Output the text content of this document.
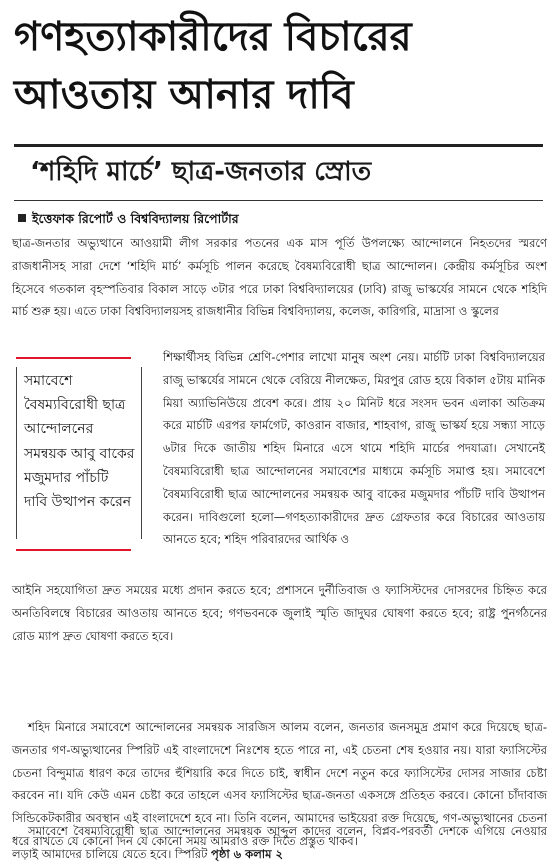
গণহত্যাকারীদের বিচারের আওতায় আনার দাবি
‘শহিদি মার্চে’ ছাত্র-জনতার স্রোত

ইত্তেফাক রিপোর্ট ও বিশ্ববিদ্যালয় রিপোর্টার

ছাত্র-জনতার অভ্যুত্থানে আওয়ামী লীগ সরকার পতনের এক মাস পূর্তি উপলক্ষ্যে আন্দোলনে নিহতদের স্মরণে রাজধানীসহ সারা দেশে ‘শহিদি মার্চ’ কর্মসূচি পালন করেছে বৈষম্যবিরোধী ছাত্র আন্দোলন। কেন্দ্রীয় কর্মসূচির অংশ হিসেবে গতকাল বৃহস্পতিবার বিকাল সাড়ে ৩টার পরে ঢাকা বিশ্ববিদ্যালয়ের (ঢাবি) রাজু ভাস্কর্যের সামনে থেকে শহিদি মার্চ শুরু হয়। এতে ঢাকা বিশ্ববিদ্যালয়সহ রাজধানীর বিভিন্ন বিশ্ববিদ্যালয়, কলেজ, কারিগরি, মাদ্রাসা ও স্কুলের

সমাবেশে বৈষম্যবিরোধী ছাত্র আন্দোলনের সমন্বয়ক আবু বাকের মজুমদার পাঁচটি দাবি উত্থাপন করেন

শিক্ষার্থীসহ বিভিন্ন শ্রেণি-পেশার লাখো মানুষ অংশ নেয়। মার্চটি ঢাকা বিশ্ববিদ্যালয়ের রাজু ভাস্কর্যের সামনে থেকে বেরিয়ে নীলক্ষেত, মিরপুর রোড হয়ে বিকাল ৫টায় মানিক মিয়া অ্যাভিনিউয়ে প্রবেশ করে। প্রায় ২০ মিনিট ধরে সংসদ ভবন এলাকা অতিক্রম করে মার্চটি এরপর ফার্মগেট, কাওরান বাজার, শাহবাগ, রাজু ভাস্কর্য হয়ে সন্ধ্যা সাড়ে ৬টার দিকে জাতীয় শহিদ মিনারে এসে থামে শহিদি মার্চের পদযাত্রা। সেখানেই বৈষম্যবিরোধী ছাত্র আন্দোলনের সমাবেশের মাধ্যমে কর্মসূচি সমাপ্ত হয়। সমাবেশে বৈষম্যবিরোধী ছাত্র আন্দোলনের সমন্বয়ক আবু বাকের মজুমদার পাঁচটি দাবি উত্থাপন করেন। দাবিগুলো হলো—গণহত্যাকারীদের দ্রুত গ্রেফতার করে বিচারের আওতায় আনতে হবে; শহিদ পরিবারদের আর্থিক ও

আইনি সহযোগিতা দ্রুত সময়ের মধ্যে প্রদান করতে হবে; প্রশাসনে দুর্নীতিবাজ ও ফ্যাসিস্টদের দোসরদের চিহ্নিত করে অনতিবিলম্বে বিচারের আওতায় আনতে হবে; গণভবনকে জুলাই স্মৃতি জাদুঘর ঘোষণা করতে হবে; রাষ্ট্র পুনর্গঠনের রোড ম্যাপ দ্রুত ঘোষণা করতে হবে।

শহিদ মিনারে সমাবেশে আন্দোলনের সমন্বয়ক সারজিস আলম বলেন, জনতার জনসমুদ্র প্রমাণ করে দিয়েছে ছাত্র-জনতার গণ-অভ্যুত্থানের স্পিরিট এই বাংলাদেশে নিঃশেষ হতে পারে না, এই চেতনা শেষ হওয়ার নয়। যারা ফ্যাসিস্টের চেতনা বিন্দুমাত্র ধারণ করে তাদের হুঁশিয়ারি করে দিতে চাই, স্বাধীন দেশে নতুন করে ফ্যাসিস্টের দোসর সাজার চেষ্টা করবেন না। যদি কেউ এমন চেষ্টা করে তাহলে এসব ফ্যাসিস্টের ছাত্র-জনতা একসঙ্গে প্রতিহত করবে। কোনো চাঁদাবাজ সিন্ডিকেটকারীর অবস্থান এই বাংলাদেশে হবে না। তিনি বলেন, আমাদের ভাইয়েরা রক্ত দিয়েছে, গণ-অভ্যুত্থানের চেতনা ধরে রাখতে যে কোনো দিন যে কোনো সময় আমরাও রক্ত দিতে প্রস্তুত থাকব।

সমাবেশে বৈষম্যবিরোধী ছাত্র আন্দোলনের সমন্বয়ক আব্দুল কাদের বলেন, বিপ্লব-পরবর্তী দেশকে এগিয়ে নেওয়ার লড়াই আমাদের চালিয়ে যেতে হবে। স্পিরিট পৃষ্ঠা ৬ কলাম ২
